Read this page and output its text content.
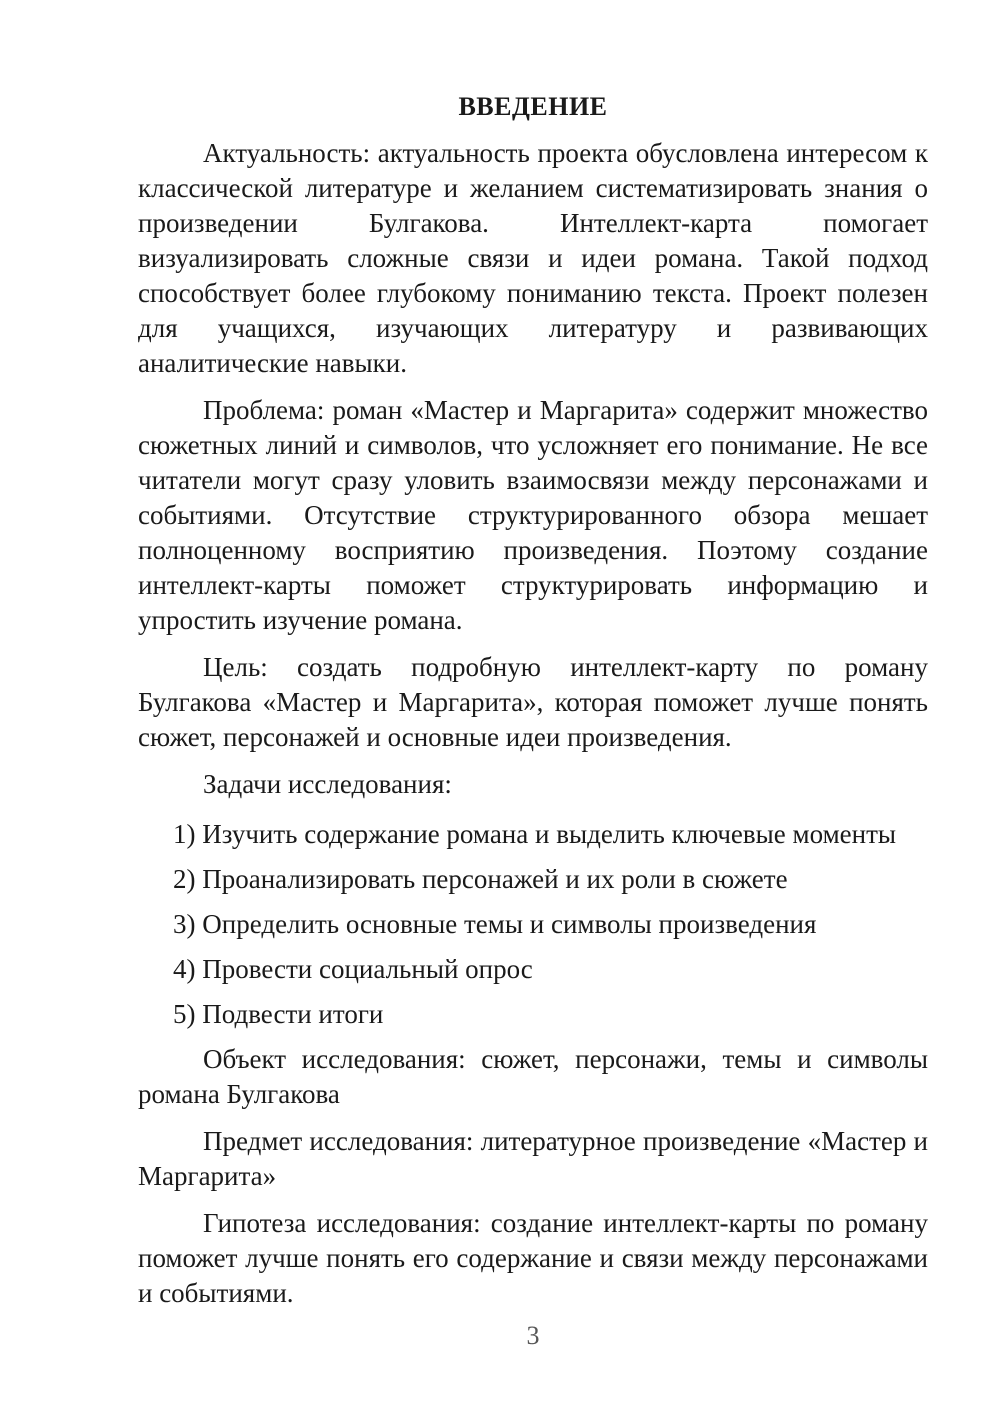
ВВЕДЕНИЕ

Актуальность: актуальность проекта обусловлена интересом к классической литературе и желанием систематизировать знания о произведении Булгакова. Интеллект-карта помогает визуализировать сложные связи и идеи романа. Такой подход способствует более глубокому пониманию текста. Проект полезен для учащихся, изучающих литературу и развивающих аналитические навыки.

Проблема: роман «Мастер и Маргарита» содержит множество сюжетных линий и символов, что усложняет его понимание. Не все читатели могут сразу уловить взаимосвязи между персонажами и событиями. Отсутствие структурированного обзора мешает полноценному восприятию произведения. Поэтому создание интеллект-карты поможет структурировать информацию и упростить изучение романа.

Цель: создать подробную интеллект-карту по роману Булгакова «Мастер и Маргарита», которая поможет лучше понять сюжет, персонажей и основные идеи произведения.

Задачи исследования:

1) Изучить содержание романа и выделить ключевые моменты
2) Проанализировать персонажей и их роли в сюжете
3) Определить основные темы и символы произведения
4) Провести социальный опрос
5) Подвести итоги

Объект исследования: сюжет, персонажи, темы и символы романа Булгакова

Предмет исследования: литературное произведение «Мастер и Маргарита»

Гипотеза исследования: создание интеллект-карты по роману поможет лучше понять его содержание и связи между персонажами и событиями.

3
